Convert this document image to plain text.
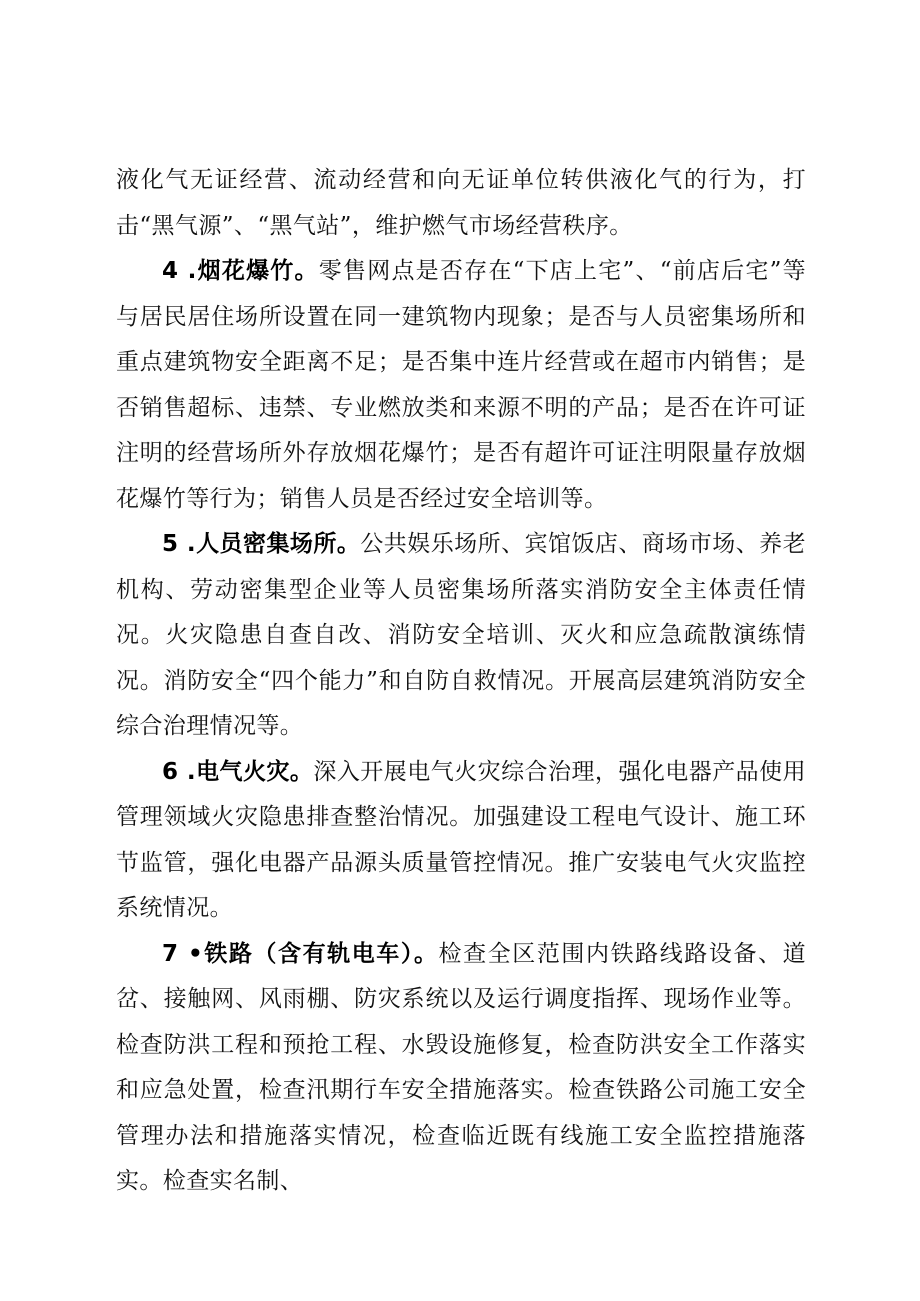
液化气无证经营、流动经营和向无证单位转供液化气的行为，打击“黑气源”、“黑气站”，维护燃气市场经营秩序。

4 .烟花爆竹。零售网点是否存在“下店上宅”、“前店后宅”等与居民居住场所设置在同一建筑物内现象；是否与人员密集场所和重点建筑物安全距离不足；是否集中连片经营或在超市内销售；是否销售超标、违禁、专业燃放类和来源不明的产品；是否在许可证注明的经营场所外存放烟花爆竹；是否有超许可证注明限量存放烟花爆竹等行为；销售人员是否经过安全培训等。

5 .人员密集场所。公共娱乐场所、宾馆饭店、商场市场、养老机构、劳动密集型企业等人员密集场所落实消防安全主体责任情况。火灾隐患自查自改、消防安全培训、灭火和应急疏散演练情况。消防安全“四个能力”和自防自救情况。开展高层建筑消防安全综合治理情况等。

6 .电气火灾。深入开展电气火灾综合治理，强化电器产品使用管理领域火灾隐患排查整治情况。加强建设工程电气设计、施工环节监管，强化电器产品源头质量管控情况。推广安装电气火灾监控系统情况。

7 •铁路（含有轨电车）。检查全区范围内铁路线路设备、道岔、接触网、风雨棚、防灾系统以及运行调度指挥、现场作业等。检查防洪工程和预抢工程、水毁设施修复，检查防洪安全工作落实和应急处置，检查汛期行车安全措施落实。检查铁路公司施工安全管理办法和措施落实情况，检查临近既有线施工安全监控措施落实。检查实名制、
